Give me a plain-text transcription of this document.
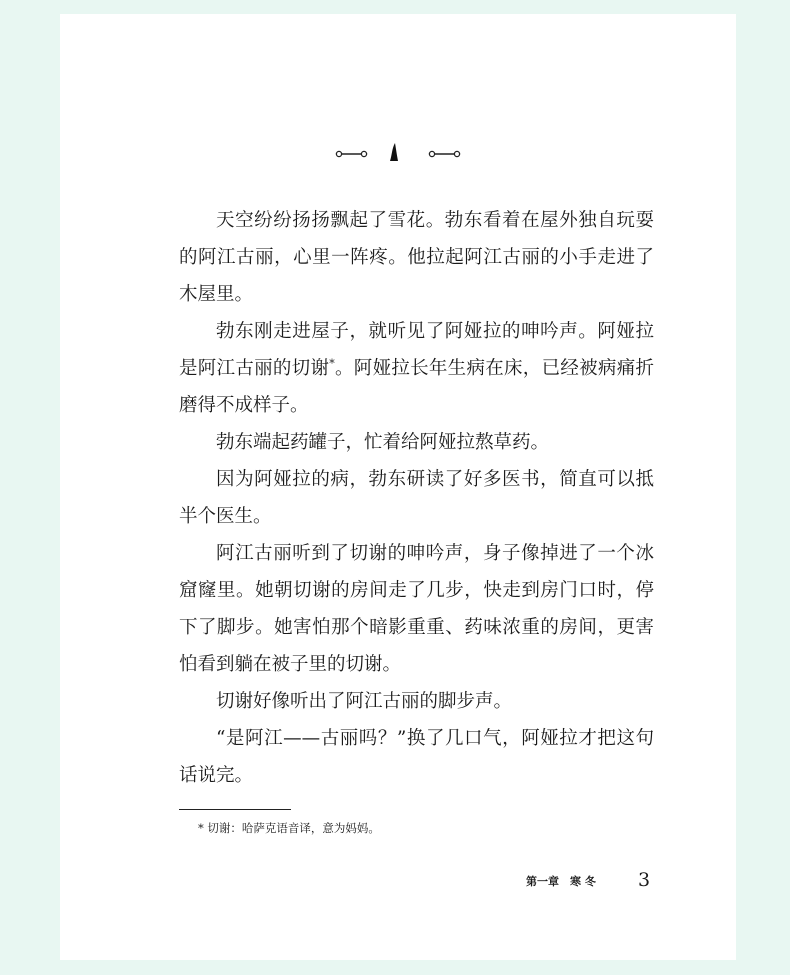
天空纷纷扬扬飘起了雪花。勃东看着在屋外独自玩耍的阿江古丽，心里一阵疼。他拉起阿江古丽的小手走进了木屋里。

勃东刚走进屋子，就听见了阿娅拉的呻吟声。阿娅拉是阿江古丽的切谢*。阿娅拉长年生病在床，已经被病痛折磨得不成样子。

勃东端起药罐子，忙着给阿娅拉熬草药。

因为阿娅拉的病，勃东研读了好多医书，简直可以抵半个医生。

阿江古丽听到了切谢的呻吟声，身子像掉进了一个冰窟窿里。她朝切谢的房间走了几步，快走到房门口时，停下了脚步。她害怕那个暗影重重、药味浓重的房间，更害怕看到躺在被子里的切谢。

切谢好像听出了阿江古丽的脚步声。

“是阿江——古丽吗？”换了几口气，阿娅拉才把这句话说完。

* 切谢：哈萨克语音译，意为妈妈。
第一章　寒 冬 3
